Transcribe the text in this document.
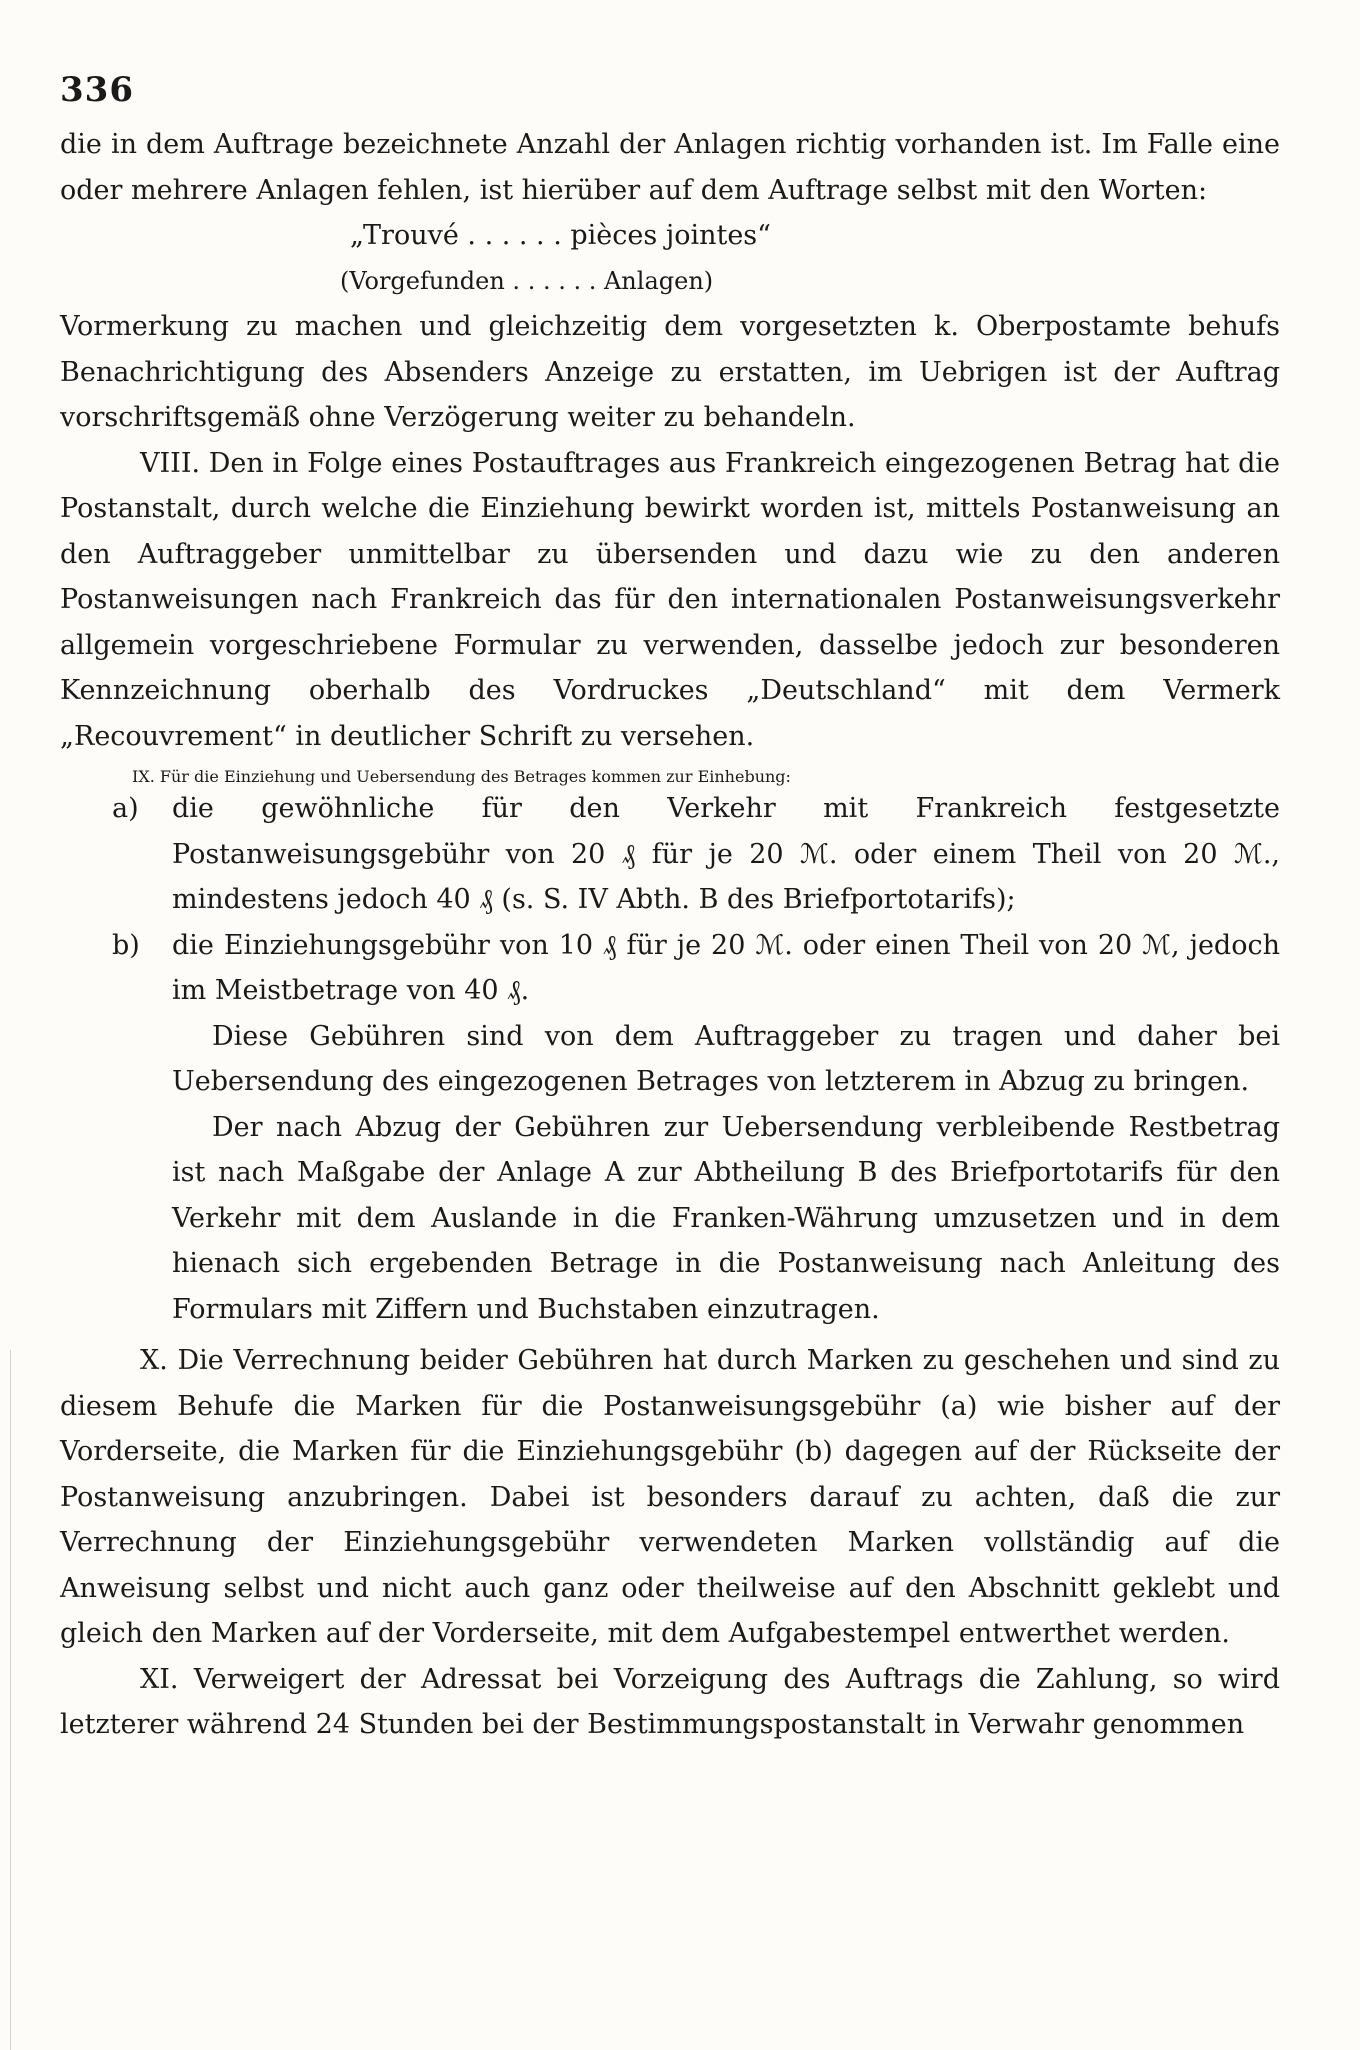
336

die in dem Auftrage bezeichnete Anzahl der Anlagen richtig vorhanden ist. Im Falle eine oder mehrere Anlagen fehlen, ist hierüber auf dem Auftrage selbst mit den Worten:

„Trouvé . . . . . . pièces jointes“
(Vorgefunden . . . . . . Anlagen)

Vormerkung zu machen und gleichzeitig dem vorgesetzten k. Oberpostamte behufs Benachrichtigung des Absenders Anzeige zu erstatten, im Uebrigen ist der Auftrag vorschriftsgemäß ohne Verzögerung weiter zu behandeln.

VIII. Den in Folge eines Postauftrages aus Frankreich eingezogenen Betrag hat die Postanstalt, durch welche die Einziehung bewirkt worden ist, mittels Postanweisung an den Auftraggeber unmittelbar zu übersenden und dazu wie zu den anderen Postanweisungen nach Frankreich das für den internationalen Postanweisungsverkehr allgemein vorgeschriebene Formular zu verwenden, dasselbe jedoch zur besonderen Kennzeichnung oberhalb des Vordruckes „Deutschland“ mit dem Vermerk „Recouvrement“ in deutlicher Schrift zu versehen.

IX. Für die Einziehung und Uebersendung des Betrages kommen zur Einhebung:
a)	die gewöhnliche für den Verkehr mit Frankreich festgesetzte Postanweisungsgebühr von 20 ₰ für je 20 ℳ. oder einem Theil von 20 ℳ., mindestens jedoch 40 ₰ (s. S. IV Abth. B des Briefportotarifs);
b)	die Einziehungsgebühr von 10 ₰ für je 20 ℳ. oder einen Theil von 20 ℳ, jedoch im Meistbetrage von 40 ₰.

Diese Gebühren sind von dem Auftraggeber zu tragen und daher bei Uebersendung des eingezogenen Betrages von letzterem in Abzug zu bringen.

Der nach Abzug der Gebühren zur Uebersendung verbleibende Restbetrag ist nach Maßgabe der Anlage A zur Abtheilung B des Briefportotarifs für den Verkehr mit dem Auslande in die Franken-Währung umzusetzen und in dem hienach sich ergebenden Betrage in die Postanweisung nach Anleitung des Formulars mit Ziffern und Buchstaben einzutragen.

X. Die Verrechnung beider Gebühren hat durch Marken zu geschehen und sind zu diesem Behufe die Marken für die Postanweisungsgebühr (a) wie bisher auf der Vorderseite, die Marken für die Einziehungsgebühr (b) dagegen auf der Rückseite der Postanweisung anzubringen. Dabei ist besonders darauf zu achten, daß die zur Verrechnung der Einziehungsgebühr verwendeten Marken vollständig auf die Anweisung selbst und nicht auch ganz oder theilweise auf den Abschnitt geklebt und gleich den Marken auf der Vorderseite, mit dem Aufgabestempel entwerthet werden.

XI. Verweigert der Adressat bei Vorzeigung des Auftrags die Zahlung, so wird letzterer während 24 Stunden bei der Bestimmungspostanstalt in Verwahr genommen
